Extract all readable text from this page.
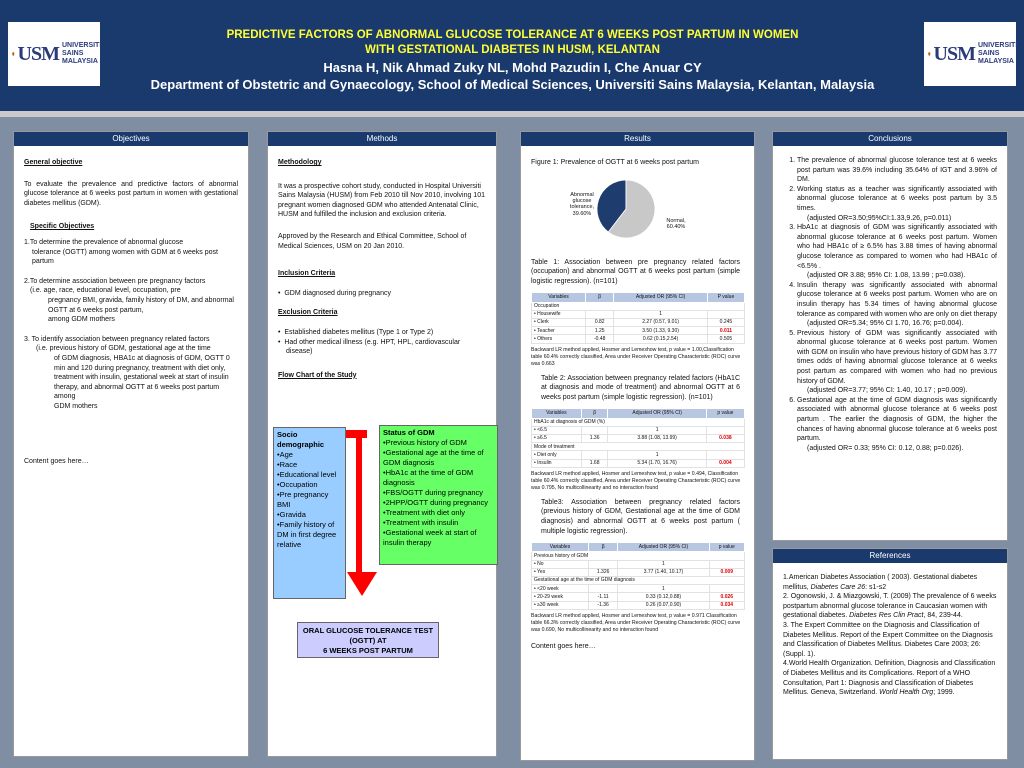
USM UNIVERSITI
SAINS
MALAYSIA
PREDICTIVE FACTORS OF ABNORMAL GLUCOSE TOLERANCE AT 6 WEEKS POST PARTUM IN WOMEN
WITH GESTATIONAL DIABETES IN HUSM, KELANTAN
Hasna H, Nik Ahmad Zuky NL, Mohd Pazudin I, Che Anuar CY
Department of Obstetric and Gynaecology, School of Medical Sciences, Universiti Sains Malaysia, Kelantan, Malaysia
USM UNIVERSITI
SAINS
MALAYSIA
Objectives

General objective

To evaluate the prevalence and predictive factors of abnormal glucose tolerance at 6 weeks post partum in women with gestational diabetes mellitus (GDM).

Specific Objectives

1.To determine the prevalence of abnormal glucose
tolerance (OGTT) among women with GDM at 6 weeks post partum
2.To determine association between pre pregnancy factors
(i.e. age, race, educational level, occupation, pre
pregnancy BMI, gravida, family history of DM, and abnormal OGTT at 6 weeks post partum,
among GDM mothers
3. To identify association between pregnancy related factors
(i.e. previous history of GDM, gestational age at the time
of GDM diagnosis, HBA1c at diagnosis of GDM, OGTT 0 min and 120 during pregnancy, treatment with diet only, treatment with insulin, gestational week at start of insulin therapy, and abnormal OGTT at 6 weeks post partum among
GDM mothers
Content goes here…
Methods

Methodology

It was a prospective cohort study, conducted in Hospital Universiti Sains Malaysia (HUSM) from Feb 2010 till Nov 2010, involving 101 pregnant women diagnosed GDM who attended Antenatal Clinic, HUSM and fulfilled the inclusion and exclusion criteria.

Approved by the Research and Ethical Committee, School of Medical Sciences, USM on 20 Jan 2010.

Inclusion Criteria

•  GDM diagnosed during pregnancy

Exclusion Criteria

•  Established diabetes mellitus (Type 1 or Type 2)
•  Had other medical illness (e.g. HPT, HPL, cardiovascular disease)

Flow Chart of the Study

Socio demographic
•Age
•Race
•Educational level
•Occupation
•Pre pregnancy BMI
•Gravida
•Family history of DM in first degree relative
Status of GDM
•Previous history of GDM
•Gestational age at the time of GDM diagnosis
•HbA1c at the time of GDM diagnosis
•FBS/OGTT during pregnancy
•2HPP/OGTT during pregnancy
•Treatment with diet only
•Treatment with insulin
•Gestational week at start of insulin therapy
ORAL GLUCOSE TOLERANCE TEST
(OGTT) AT
6 WEEKS POST PARTUM
Results
Figure 1: Prevalence of OGTT at 6 weeks post partum
Abnormal
glucose
tolerance,
39.60%
Normal,
60.40%
Table 1: Association between pre pregnancy related factors (occupation) and abnormal OGTT at 6 weeks post partum (simple logistic regression). (n=101)
Variables	β	Adjusted OR (95% CI)	P value
Occupation			
• Housewife		1	
• Clerk	0.82	2.27 (0.57, 9.01)	0.245
• Teacher	1.25	3.50 (1.33, 9.30)	0.011
• Others	-0.48	0.62 (0.15,2.54)	0.505
Backward LR method applied, Hosmer and Lemeshow test, p value = 1.00,Classification table 60.4% correctly classified, Area under Receiver Operating Characteristic (ROC) curve was 0.663
Table 2: Association between pregnancy related factors (HbA1C at diagnosis and mode of treatment) and abnormal OGTT at 6 weeks post partum (simple logistic regression). (n=101)
Variables	β	Adjusted OR (95% CI)	p value
HbA1c at diagnosis of GDM (%)			
• <6.5		1	
• ≥6.5	1.36	3.88 (1.08, 13.99)	0.038
Mode of treatment			
• Diet only		1	
• Insulin	1.68	5.34 (1.70, 16.76)	0.004
Backward LR method applied, Hosmer and Lemeshow test, p value = 0.494, Classification table 60.4% correctly classified, Area under Receiver Operating Characteristic (ROC) curve was 0.795, No multicollinearity and no interaction found
Table3: Association between pregnancy related factors (previous history of GDM, Gestational age at the time of GDM diagnosis) and abnormal OGTT at 6 weeks post partum ( multiple logistic regression).
Variables	β	Adjusted OR (95% CI)	p value
Previous history of GDM			
• No		1	
• Yes	1.326	3.77 (1.40, 10.17)	0.009
Gestational age at the time of GDM diagnosis			
• <20 week		1	
• 20-29 week	-1.11	0.33 (0.12,0.88)	0.026
• ≥30 week	-1.36	0.26 (0.07,0.90)	0.034
Backward LR method applied, Hosmer and Lemeshow test, p value = 0.971 Classification table 66.3% correctly classified, Area under Receiver Operating Characteristic (ROC) curve was 0.690, No multicollinearity and no interaction found
Content goes here…
Conclusions
1. The prevalence of abnormal glucose tolerance test at 6 weeks post partum was 39.6% including 35.64% of IGT and 3.96% of DM.
2. Working status as a teacher was significantly associated with abnormal glucose tolerance at 6 weeks post partum by 3.5 times.
(adjusted OR=3.50;95%CI:1.33,9.26, p=0.011)
3. HbA1c at diagnosis of GDM was significantly associated with abnormal glucose tolerance at 6 weeks post partum. Women who had HBA1c of ≥ 6.5% has 3.88 times of having abnormal glucose tolerance as compared to women who had HBA1c of <6.5% .
(adjusted OR 3.88; 95% CI: 1.08, 13.99 ; p=0.038).
4. Insulin therapy was significantly associated with abnormal glucose tolerance at 6 weeks post partum. Women who are on insulin therapy has 5.34 times of having abnormal glucose tolerance as compared with women who are only on diet therapy
(adjusted OR=5.34; 95% CI 1.70, 16.76; p=0.004).
5. Previous history of GDM was significantly associated with abnormal glucose tolerance at 6 weeks post partum. Women with GDM on insulin who have previous history of GDM has 3.77 times odds of having abnormal glucose tolerance at 6 weeks post partum as compared with women who had no previous history of GDM.
(adjusted OR=3.77; 95% CI: 1.40, 10.17 ; p=0.009).
6. Gestational age at the time of GDM diagnosis was significantly associated with abnormal glucose tolerance at 6 weeks post partum . The earlier the diagnosis of GDM, the higher the chances of having abnormal glucose tolerance at 6 weeks post partum.
(adjusted OR= 0.33; 95% CI: 0.12, 0.88; p=0.026).
References
1.American Diabetes Association ( 2003). Gestational diabetes mellitus, Diabetes Care 26: s1-s2
2. Ogonowski, J. & Miazgowski, T. (2009) The prevalence of 6 weeks postpartum abnormal glucose tolerance in Caucasian women with gestational diabetes. Diabetes Res Clin Pract, 84, 239-44.
3. The Expert Committee on the Diagnosis and Classification of Diabetes Mellitus. Report of the Expert Committee on the Diagnosis and Classification of Diabetes Mellitus. Diabetes Care 2003; 26: (Suppl. 1).
4.World Health Organization. Definition, Diagnosis and Classification of Diabetes Mellitus and its Complications. Report of a WHO Consultation, Part 1: Diagnosis and Classification of Diabetes Mellitus. Geneva, Switzerland. World Health Org; 1999.
